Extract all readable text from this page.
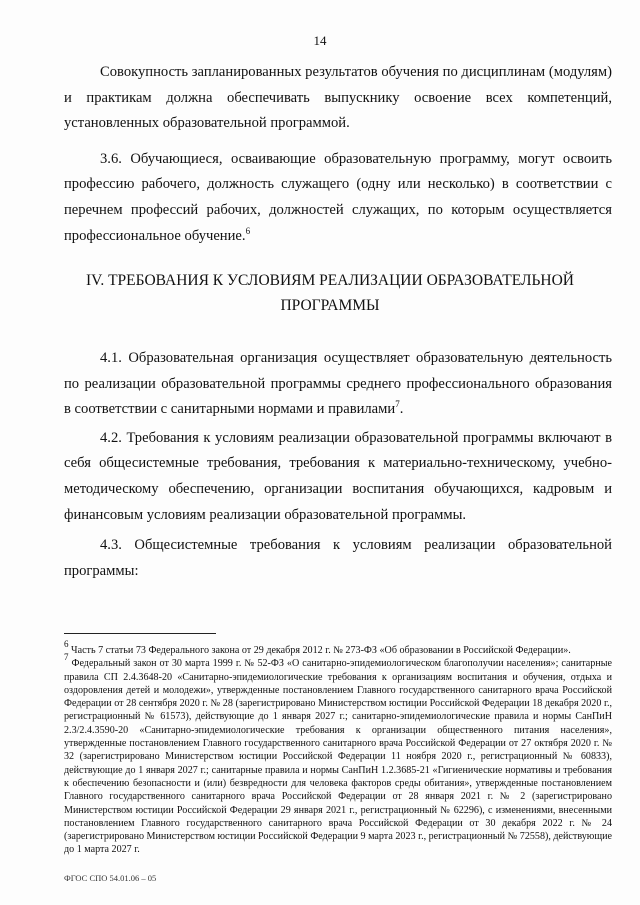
14

Совокупность запланированных результатов обучения по дисциплинам (модулям) и практикам должна обеспечивать выпускнику освоение всех компетенций, установленных образовательной программой.

3.6. Обучающиеся, осваивающие образовательную программу, могут освоить профессию рабочего, должность служащего (одну или несколько) в соответствии с перечнем профессий рабочих, должностей служащих, по которым осуществляется профессиональное обучение.$^6$

IV. ТРЕБОВАНИЯ К УСЛОВИЯМ РЕАЛИЗАЦИИ ОБРАЗОВАТЕЛЬНОЙ
ПРОГРАММЫ

4.1. Образовательная организация осуществляет образовательную деятельность по реализации образовательной программы среднего профессионального образования в соответствии с санитарными нормами и правилами$^7$.

4.2. Требования к условиям реализации образовательной программы включают в себя общесистемные требования, требования к материально-техническому, учебно-методическому обеспечению, организации воспитания обучающихся, кадровым и финансовым условиям реализации образовательной программы.

4.3. Общесистемные требования к условиям реализации образовательной программы:

$^6$ Часть 7 статьи 73 Федерального закона от 29 декабря 2012 г. № 273-ФЗ «Об образовании в Российской Федерации».

$^7$ Федеральный закон от 30 марта 1999 г. № 52-ФЗ «О санитарно-эпидемиологическом благополучии населения»; санитарные правила СП 2.4.3648-20 «Санитарно-эпидемиологические требования к организациям воспитания и обучения, отдыха и оздоровления детей и молодежи», утвержденные постановлением Главного государственного санитарного врача Российской Федерации от 28 сентября 2020 г. № 28 (зарегистрировано Министерством юстиции Российской Федерации 18 декабря 2020 г., регистрационный № 61573), действующие до 1 января 2027 г.; санитарно-эпидемиологические правила и нормы СанПиН 2.3/2.4.3590-20 «Санитарно-эпидемиологические требования к организации общественного питания населения», утвержденные постановлением Главного государственного санитарного врача Российской Федерации от 27 октября 2020 г. № 32 (зарегистрировано Министерством юстиции Российской Федерации 11 ноября 2020 г., регистрационный № 60833), действующие до 1 января 2027 г.; санитарные правила и нормы СанПиН 1.2.3685-21 «Гигиенические нормативы и требования к обеспечению безопасности и (или) безвредности для человека факторов среды обитания», утвержденные постановлением Главного государственного санитарного врача Российской Федерации от 28 января 2021 г. № 2 (зарегистрировано Министерством юстиции Российской Федерации 29 января 2021 г., регистрационный № 62296), с изменениями, внесенными постановлением Главного государственного санитарного врача Российской Федерации от 30 декабря 2022 г. № 24 (зарегистрировано Министерством юстиции Российской Федерации 9 марта 2023 г., регистрационный № 72558), действующие до 1 марта 2027 г.

ФГОС СПО 54.01.06 – 05
